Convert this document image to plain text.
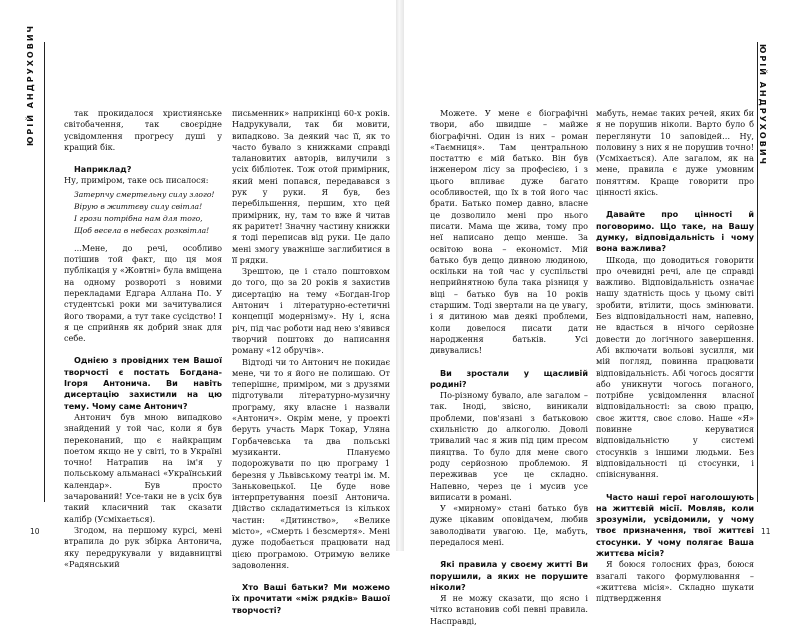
ЮРІЙ АНДРУХОВИЧ	ЮРІЙ АНДРУХОВИЧ

так прокидалося християнське світобачення, так своєрідне усвідомлення прогресу душі у кращий бік.

Наприклад?

Ну, приміром, таке ось писалося:

Затерпчу смертельну силу злого!
Вірую в життєву силу світла!
І грози потрібна нам для того,
Щоб весела в небесах розквітла!

...Мене, до речі, особливо потішив той факт, що ця моя публікація у «Жовтні» була вміщена на одному розвороті з новими перекладами Едгара Аллана По. У студентські роки ми зачитувалися його творами, а тут таке сусідство! І я це сприйняв як добрий знак для себе.

Однією з провідних тем Вашої творчості є постать Богдана-Ігоря Антонича. Ви навіть дисертацію захистили на цю тему. Чому саме Антонич?

Антонич був мною випадково знайдений у той час, коли я був переконаний, що є найкращим поетом якщо не у світі, то в Україні точно! Натрапив на ім'я у польському альманасі «Український календар». Був просто зачарований! Усе-таки не в усіх був такий класичний так сказати калібр (Усміхається).

Згодом, на першому курсі, мені втрапила до рук збірка Антонича, яку передрукували у видавництві «Радянський

письменник» наприкінці 60-х років. Надрукували, так би мовити, випадково. За деякий час її, як то часто бувало з книжками справді талановитих авторів, вилучили з усіх бібліотек. Тож отой примірник, який мені попався, передавався з рук у руки. Я був, без перебільшення, першим, хто цей примірник, ну, там то вже й читав як раритет! Значну частину книжки я тоді переписав від руки. Це дало мені змогу уважніше заглибитися в її рядки.

Зрештою, це і стало поштовхом до того, що за 20 років я захистив дисертацію на тему «Богдан-Ігор Антонич і літературно-естетичні концепції модернізму». Ну і, ясна річ, під час роботи над нею з'явився творчий поштовх до написання роману «12 обручів».

Відтоді чи то Антонич не покидає мене, чи то я його не полишаю. От теперішнє, приміром, ми з друзями підготували літературно-музичну програму, яку власне і назвали «Антонич». Окрім мене, у проекті беруть участь Марк Токар, Уляна Горбачевська та два польські музиканти. Плануємо подорожувати по цю програму 1 березня у Львівському театрі ім. М. Заньковецької. Це буде нове інтерпретування поезії Антонича. Дійство складатиметься із кількох частин: «Дитинство», «Велике місто», «Смерть і безсмертя». Мені дуже подобається працювати над цією програмою. Отримую велике задоволення.

Хто Ваші батьки? Ми можемо їх прочитати «між рядків» Вашої творчості?

Можете. У мене є біографічні твори, або швидше – майже біографічні. Один із них – роман «Таємниця». Там центральною постаттю є мій батько. Він був інженером лісу за професією, і з цього впливає дуже багато особливостей, що їх в той його час брати. Батько помер давно, власне це дозволило мені про нього писати. Мама ще жива, тому про неї написано дещо менше. За освітою вона – економіст. Мій батько був дещо дивною людиною, оскільки на той час у суспільстві неприйнятною була така різниця у віці – батько був на 10 років старшим. Тоді звертали на це увагу, і я дитиною мав деякі проблеми, коли довелося писати дати народження батьків. Усі дивувались!

Ви зростали у щасливій родині?

По-різному бувало, але загалом – так. Іноді, звісно, виникали проблеми, пов'язані з батьковою схильністю до алкоголю. Доволі тривалий час я жив під цим пресом пияцтва. То було для мене свого роду серйозною проблемою. Я переживав усе це складно. Напевно, через це і мусив усе виписати в романі.

У «мирному» стані батько був дуже цікавим оповідачем, любив заволодівати увагою. Це, мабуть, передалося мені.

Які правила у своєму житті Ви порушили, а яких не порушите ніколи?

Я не можу сказати, що ясно і чітко встановив собі певні правила. Насправді,

мабуть, немає таких речей, яких би я не порушив ніколи. Варто було б переглянути 10 заповідей… Ну, половину з них я не порушив точно! (Усміхається). Але загалом, як на мене, правила є дуже умовним поняттям. Краще говорити про цінності якісь.

Давайте про цінності й поговоримо. Що таке, на Вашу думку, відповідальність і чому вона важлива?

Шкода, що доводиться говорити про очевидні речі, але це справді важливо. Відповідальність означає нашу здатність щось у цьому світі зробити, втілити, щось змінювати. Без відповідальності нам, напевно, не вдасться в нічого серйозне довести до логічного завершення. Абі включати вольові зусилля, ми мій погляд, повинна працювати відповідальність. Абі чогось досягти або уникнути чогось поганого, потрібне усвідомлення власної відповідальності: за свою працю, своє життя, своє слово. Наше «Я» повинне керуватися відповідальністю у системі стосунків з іншими людьми. Без відповідальності ці стосунки, і співіснування.

Часто наші герої наголошують на життєвій місії. Мовляв, коли зрозуміли, усвідомили, у чому твоє призначення, твої життєві стосунки. У чому полягає Ваша життєва місія?

Я боюся голосних фраз, боюся взагалі такого формулювання – «життєва місія». Складно шукати підтвердження

10	11
